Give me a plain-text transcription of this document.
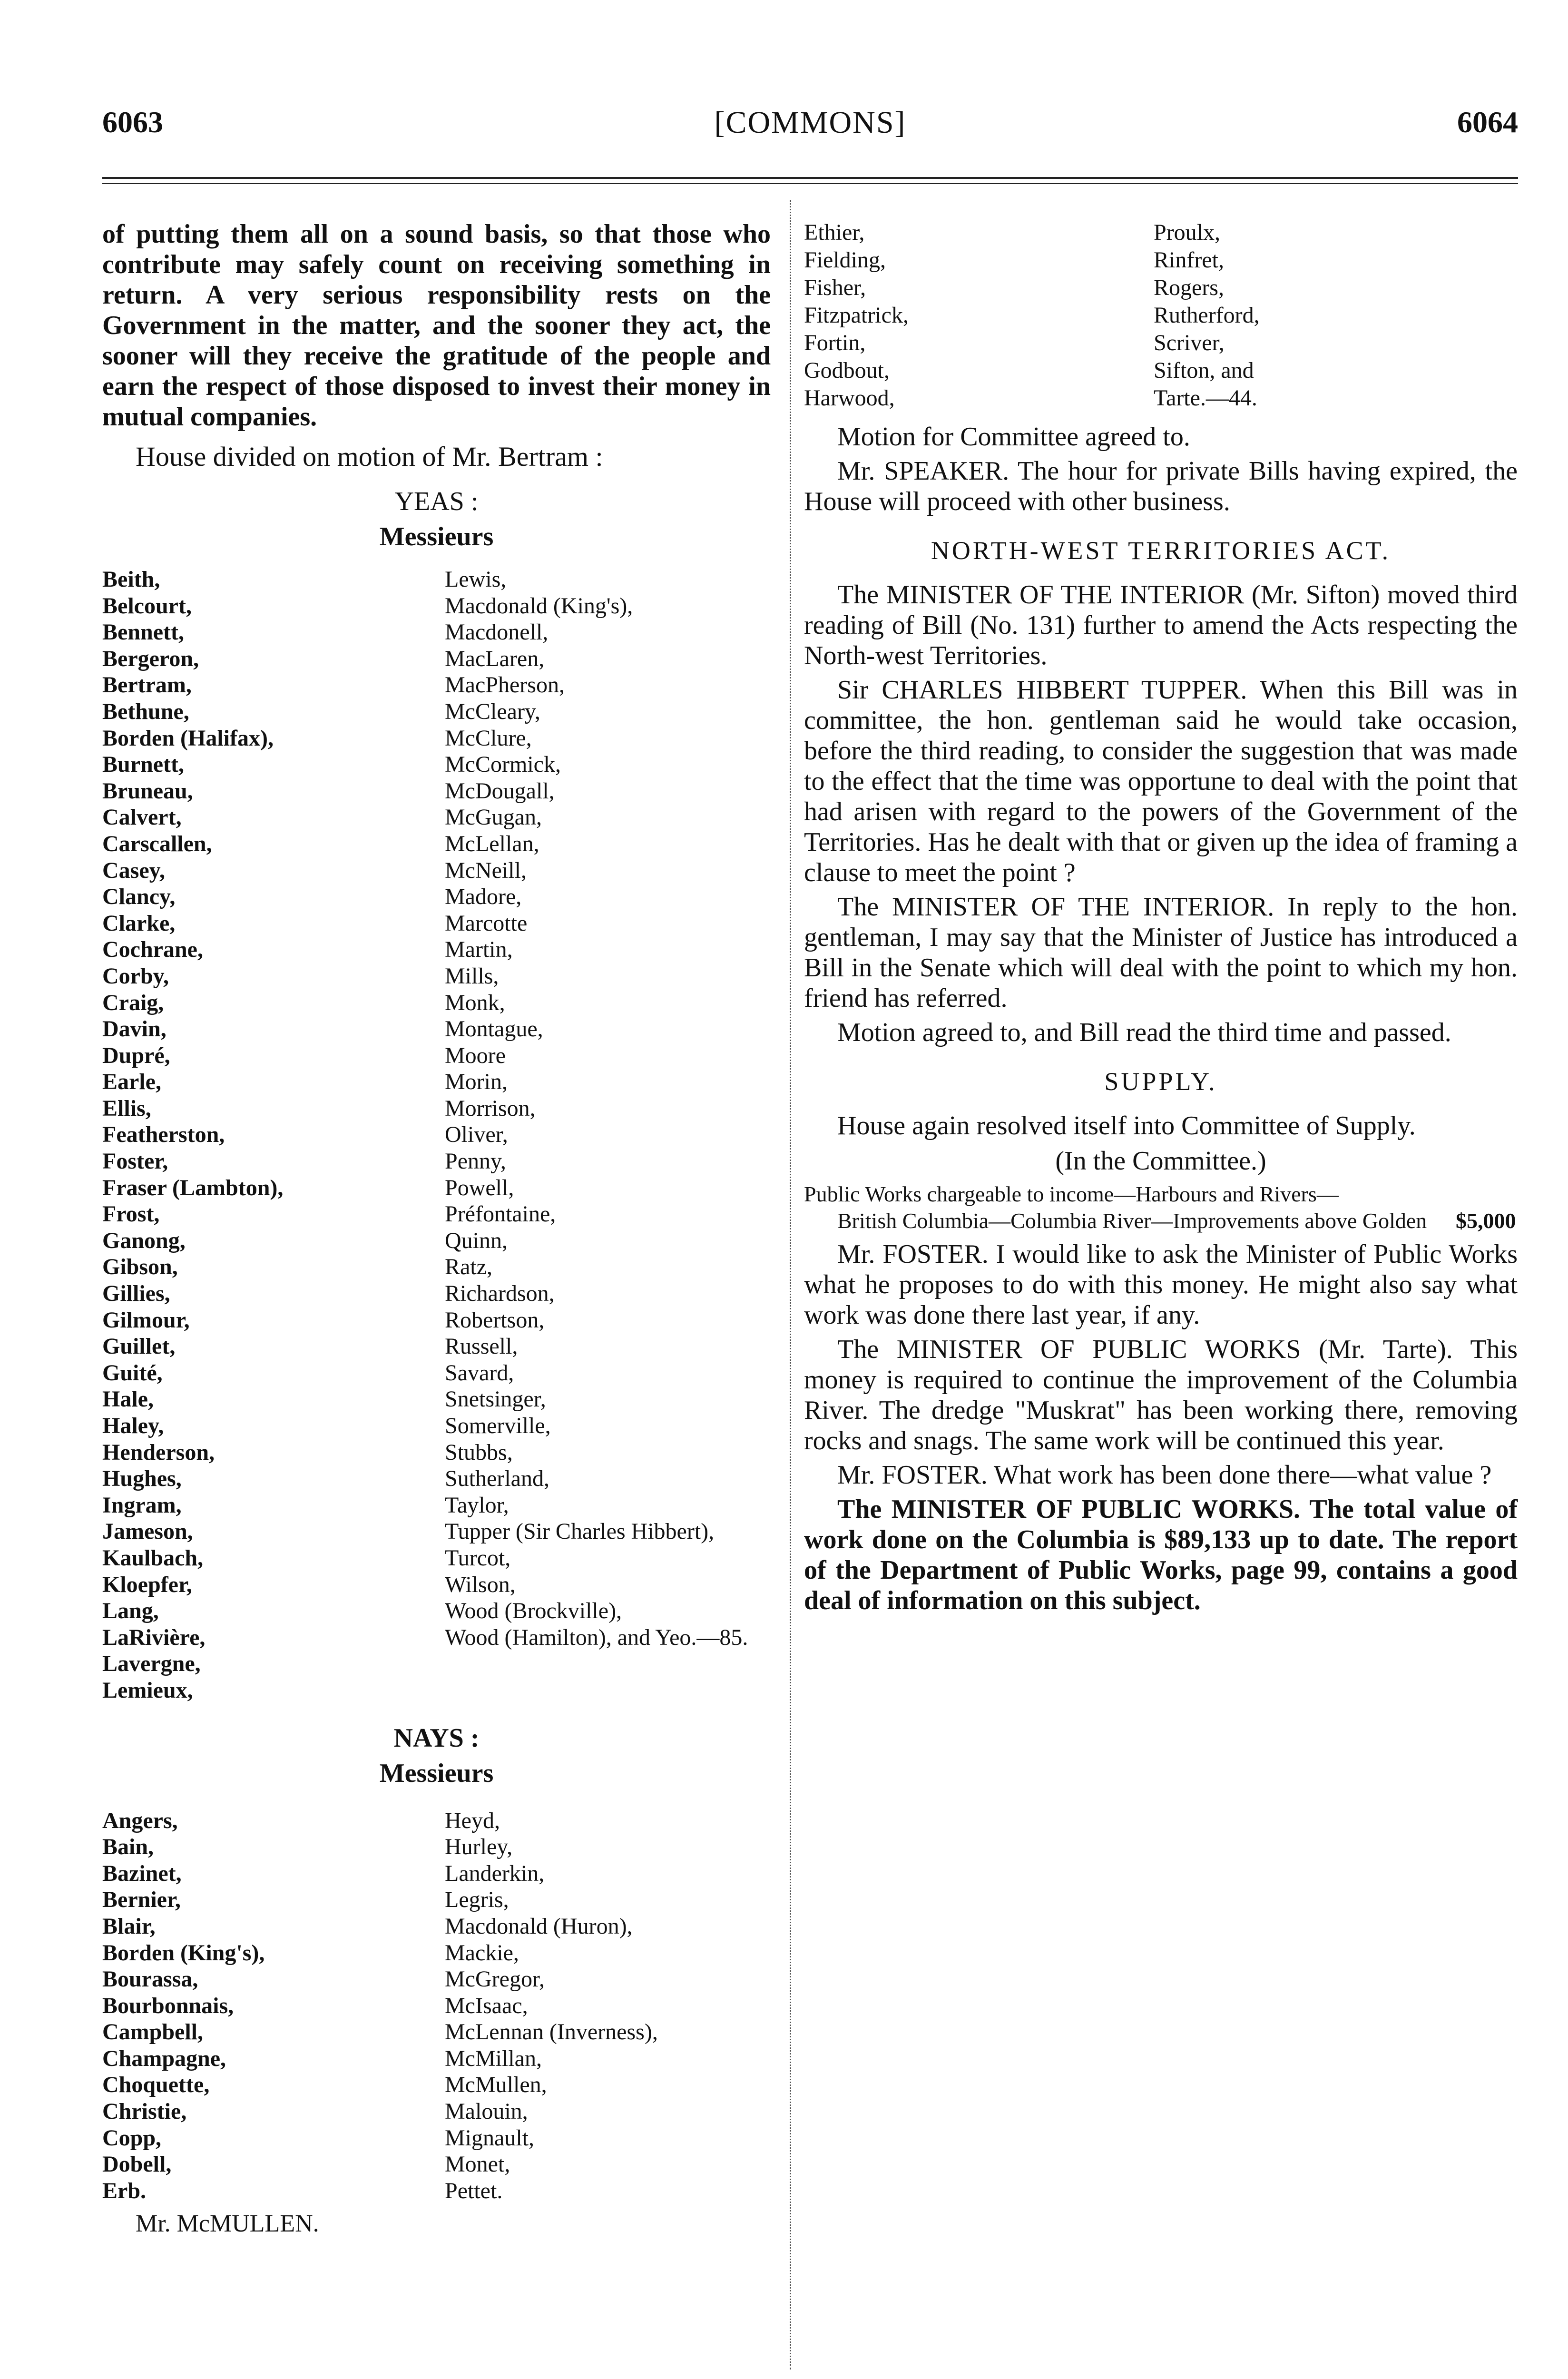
6063	[COMMONS]	6064

of putting them all on a sound basis, so that those who contribute may safely count on receiving something in return. A very serious responsibility rests on the Government in the matter, and the sooner they act, the sooner will they receive the gratitude of the people and earn the respect of those disposed to invest their money in mutual companies.

House divided on motion of Mr. Bertram :

YEAS :
Messieurs
Beith,
Belcourt,
Bennett,
Bergeron,
Bertram,
Bethune,
Borden (Halifax),
Burnett,
Bruneau,
Calvert,
Carscallen,
Casey,
Clancy,
Clarke,
Cochrane,
Corby,
Craig,
Davin,
Dupré,
Earle,
Ellis,
Featherston,
Foster,
Fraser (Lambton),
Frost,
Ganong,
Gibson,
Gillies,
Gilmour,
Guillet,
Guité,
Hale,
Haley,
Henderson,
Hughes,
Ingram,
Jameson,
Kaulbach,
Kloepfer,
Lang,
LaRivière,
Lavergne,
Lemieux,
Lewis,
Macdonald (King's),
Macdonell,
MacLaren,
MacPherson,
McCleary,
McClure,
McCormick,
McDougall,
McGugan,
McLellan,
McNeill,
Madore,
Marcotte
Martin,
Mills,
Monk,
Montague,
Moore
Morin,
Morrison,
Oliver,
Penny,
Powell,
Préfontaine,
Quinn,
Ratz,
Richardson,
Robertson,
Russell,
Savard,
Snetsinger,
Somerville,
Stubbs,
Sutherland,
Taylor,
Tupper (Sir Charles Hibbert),
Turcot,
Wilson,
Wood (Brockville),
Wood (Hamilton), and Yeo.—85.
NAYS :
Messieurs
Angers,
Bain,
Bazinet,
Bernier,
Blair,
Borden (King's),
Bourassa,
Bourbonnais,
Campbell,
Champagne,
Choquette,
Christie,
Copp,
Dobell,
Erb.
Heyd,
Hurley,
Landerkin,
Legris,
Macdonald (Huron),
Mackie,
McGregor,
McIsaac,
McLennan (Inverness),
McMillan,
McMullen,
Malouin,
Mignault,
Monet,
Pettet.
Mr. McMULLEN.
Ethier,
Fielding,
Fisher,
Fitzpatrick,
Fortin,
Godbout,
Harwood,
Proulx,
Rinfret,
Rogers,
Rutherford,
Scriver,
Sifton, and
Tarte.—44.

Motion for Committee agreed to.

Mr. SPEAKER. The hour for private Bills having expired, the House will proceed with other business.

NORTH-WEST TERRITORIES ACT.

The MINISTER OF THE INTERIOR (Mr. Sifton) moved third reading of Bill (No. 131) further to amend the Acts respecting the North-west Territories.

Sir CHARLES HIBBERT TUPPER. When this Bill was in committee, the hon. gentleman said he would take occasion, before the third reading, to consider the suggestion that was made to the effect that the time was opportune to deal with the point that had arisen with regard to the powers of the Government of the Territories. Has he dealt with that or given up the idea of framing a clause to meet the point ?

The MINISTER OF THE INTERIOR. In reply to the hon. gentleman, I may say that the Minister of Justice has introduced a Bill in the Senate which will deal with the point to which my hon. friend has referred.

Motion agreed to, and Bill read the third time and passed.

SUPPLY.

House again resolved itself into Committee of Supply.

(In the Committee.)
Public Works chargeable to income—Harbours and Rivers—
$5,000
British Columbia—Columbia River—Improvements above Golden

Mr. FOSTER. I would like to ask the Minister of Public Works what he proposes to do with this money. He might also say what work was done there last year, if any.

The MINISTER OF PUBLIC WORKS (Mr. Tarte). This money is required to continue the improvement of the Columbia River. The dredge "Muskrat" has been working there, removing rocks and snags. The same work will be continued this year.

Mr. FOSTER. What work has been done there—what value ?

The MINISTER OF PUBLIC WORKS. The total value of work done on the Columbia is $89,133 up to date. The report of the Department of Public Works, page 99, contains a good deal of information on this subject.
